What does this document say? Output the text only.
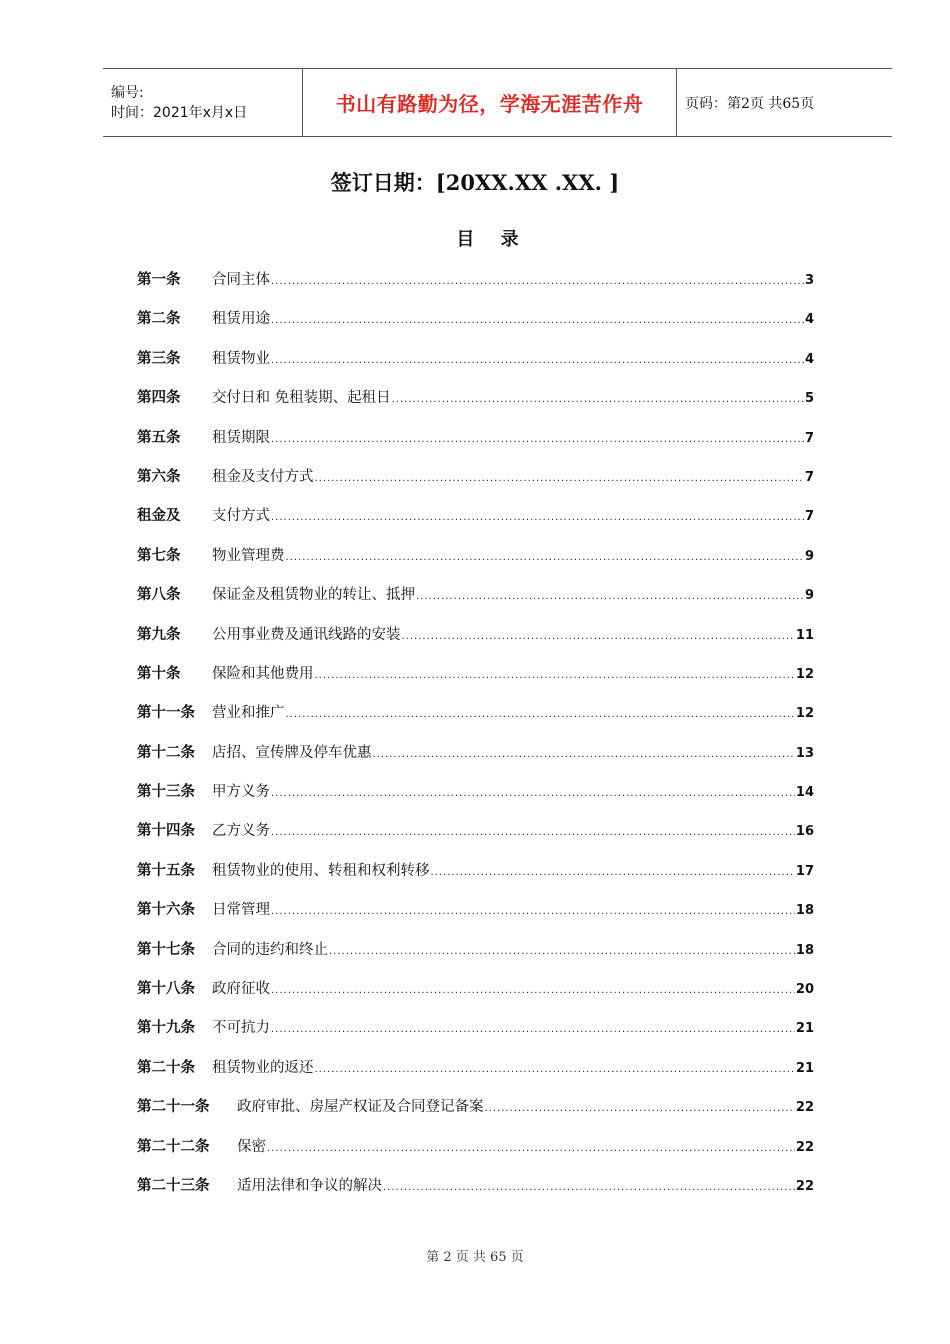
编号:
时间：2021年x月x日	书山有路勤为径，学海无涯苦作舟	页码：第2页 共65页
签订日期：[20XX.XX .XX. ]
目 录
第一条	合同主体 .....	3
第二条	租赁用途 .....	4
第三条	租赁物业 .....	4
第四条	交付日和 免租装期、起租日 .....	5
第五条	租赁期限 .....	7
第六条	租金及支付方式 .....	7
租金及	支付方式 .....	7
第七条	物业管理费 .....	9
第八条	保证金及租赁物业的转让、抵押 .....	9
第九条	公用事业费及通讯线路的安装 .....	11
第十条	保险和其他费用 .....	12
第十一条	营业和推广 .....	12
第十二条	店招、宣传牌及停车优惠 .....	13
第十三条	甲方义务 .....	14
第十四条	乙方义务 .....	16
第十五条	租赁物业的使用、转租和权利转移 .....	17
第十六条	日常管理 .....	18
第十七条	合同的违约和终止 .....	18
第十八条	政府征收 .....	20
第十九条	不可抗力 .....	21
第二十条	租赁物业的返还 .....	21
第二十一条	政府审批、房屋产权证及合同登记备案 .....	22
第二十二条	保密 .....	22
第二十三条	适用法律和争议的解决 .....	22
第 2 页 共 65 页
